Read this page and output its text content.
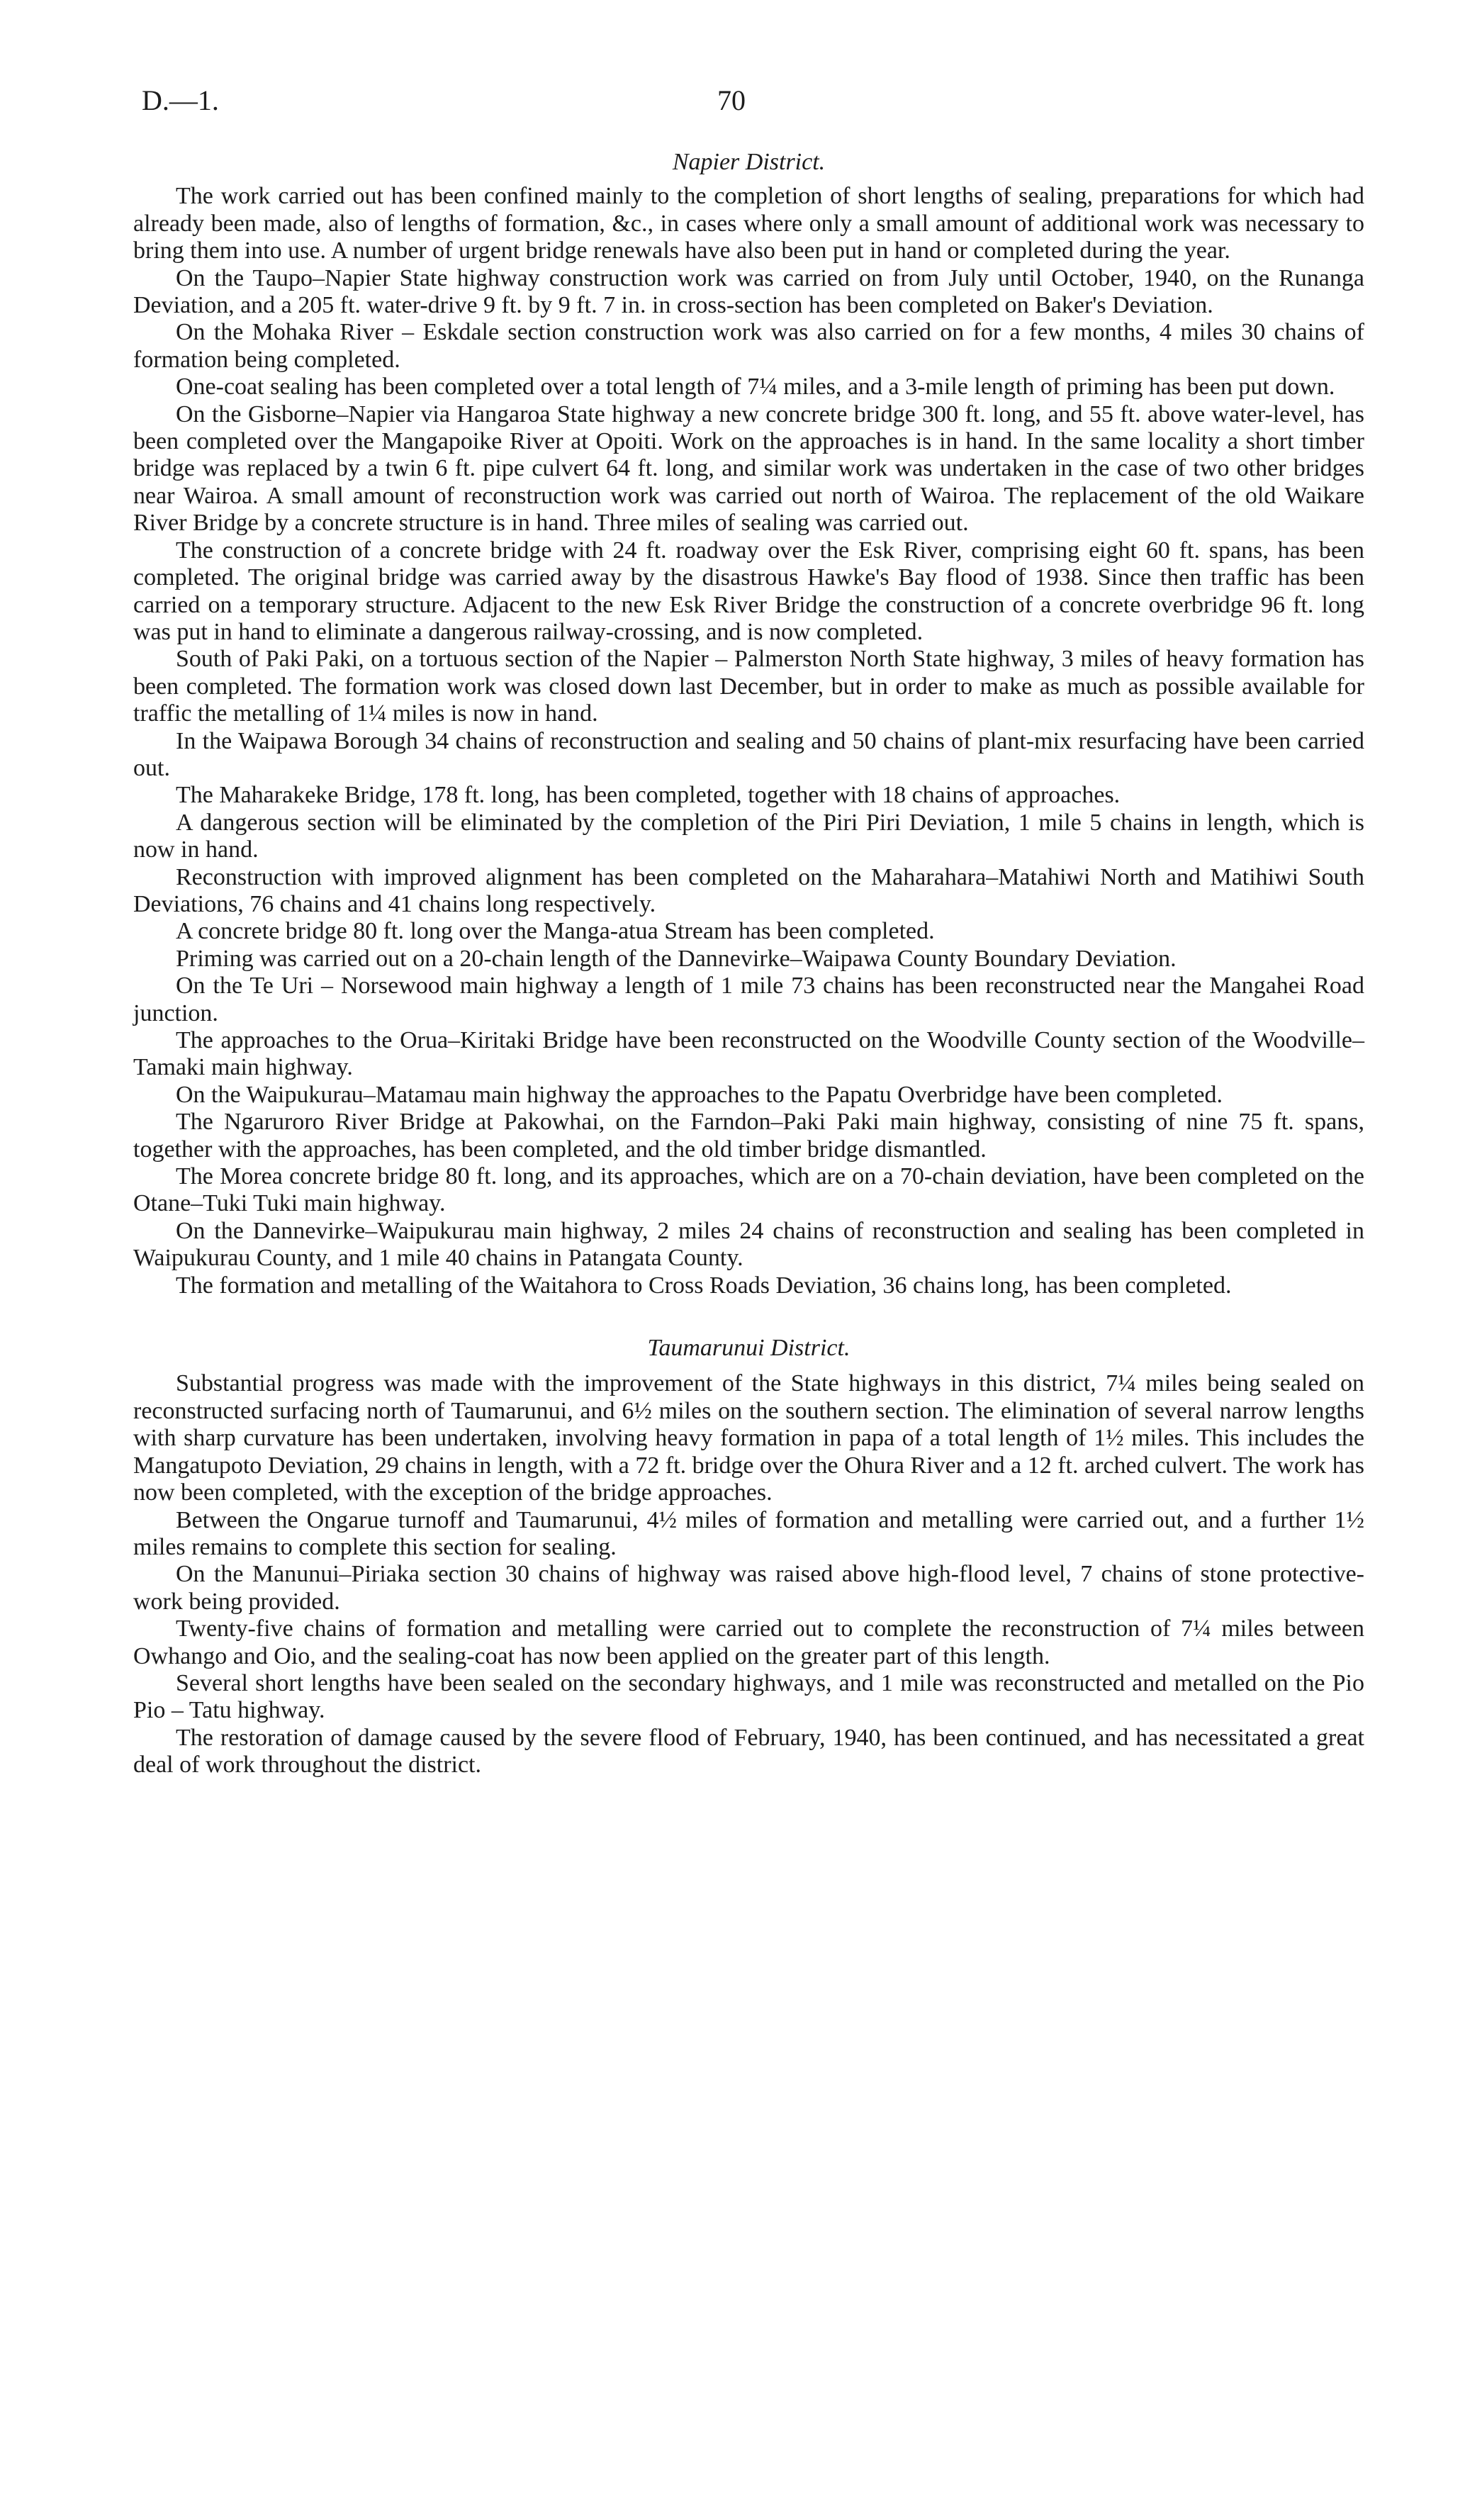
D.—1.	70
Napier District.

The work carried out has been confined mainly to the completion of short lengths of sealing, preparations for which had already been made, also of lengths of formation, &c., in cases where only a small amount of additional work was necessary to bring them into use. A number of urgent bridge renewals have also been put in hand or completed during the year.

On the Taupo–Napier State highway construction work was carried on from July until October, 1940, on the Runanga Deviation, and a 205 ft. water-drive 9 ft. by 9 ft. 7 in. in cross-section has been completed on Baker's Deviation.

On the Mohaka River – Eskdale section construction work was also carried on for a few months, 4 miles 30 chains of formation being completed.

One-coat sealing has been completed over a total length of 7¼ miles, and a 3-mile length of priming has been put down.

On the Gisborne–Napier via Hangaroa State highway a new concrete bridge 300 ft. long, and 55 ft. above water-level, has been completed over the Mangapoike River at Opoiti. Work on the approaches is in hand. In the same locality a short timber bridge was replaced by a twin 6 ft. pipe culvert 64 ft. long, and similar work was undertaken in the case of two other bridges near Wairoa. A small amount of reconstruction work was carried out north of Wairoa. The replacement of the old Waikare River Bridge by a concrete structure is in hand. Three miles of sealing was carried out.

The construction of a concrete bridge with 24 ft. roadway over the Esk River, comprising eight 60 ft. spans, has been completed. The original bridge was carried away by the disastrous Hawke's Bay flood of 1938. Since then traffic has been carried on a temporary structure. Adjacent to the new Esk River Bridge the construction of a concrete overbridge 96 ft. long was put in hand to eliminate a dangerous railway-crossing, and is now completed.

South of Paki Paki, on a tortuous section of the Napier – Palmerston North State highway, 3 miles of heavy formation has been completed. The formation work was closed down last December, but in order to make as much as possible available for traffic the metalling of 1¼ miles is now in hand.

In the Waipawa Borough 34 chains of reconstruction and sealing and 50 chains of plant-mix resurfacing have been carried out.

The Maharakeke Bridge, 178 ft. long, has been completed, together with 18 chains of approaches.

A dangerous section will be eliminated by the completion of the Piri Piri Deviation, 1 mile 5 chains in length, which is now in hand.

Reconstruction with improved alignment has been completed on the Maharahara–Matahiwi North and Matihiwi South Deviations, 76 chains and 41 chains long respectively.

A concrete bridge 80 ft. long over the Manga-atua Stream has been completed.

Priming was carried out on a 20-chain length of the Dannevirke–Waipawa County Boundary Deviation.

On the Te Uri – Norsewood main highway a length of 1 mile 73 chains has been reconstructed near the Mangahei Road junction.

The approaches to the Orua–Kiritaki Bridge have been reconstructed on the Woodville County section of the Woodville–Tamaki main highway.

On the Waipukurau–Matamau main highway the approaches to the Papatu Overbridge have been completed.

The Ngaruroro River Bridge at Pakowhai, on the Farndon–Paki Paki main highway, consisting of nine 75 ft. spans, together with the approaches, has been completed, and the old timber bridge dismantled.

The Morea concrete bridge 80 ft. long, and its approaches, which are on a 70-chain deviation, have been completed on the Otane–Tuki Tuki main highway.

On the Dannevirke–Waipukurau main highway, 2 miles 24 chains of reconstruction and sealing has been completed in Waipukurau County, and 1 mile 40 chains in Patangata County.

The formation and metalling of the Waitahora to Cross Roads Deviation, 36 chains long, has been completed.

Taumarunui District.

Substantial progress was made with the improvement of the State highways in this district, 7¼ miles being sealed on reconstructed surfacing north of Taumarunui, and 6½ miles on the southern section. The elimination of several narrow lengths with sharp curvature has been undertaken, involving heavy formation in papa of a total length of 1½ miles. This includes the Mangatupoto Deviation, 29 chains in length, with a 72 ft. bridge over the Ohura River and a 12 ft. arched culvert. The work has now been completed, with the exception of the bridge approaches.

Between the Ongarue turnoff and Taumarunui, 4½ miles of formation and metalling were carried out, and a further 1½ miles remains to complete this section for sealing.

On the Manunui–Piriaka section 30 chains of highway was raised above high-flood level, 7 chains of stone protective-work being provided.

Twenty-five chains of formation and metalling were carried out to complete the reconstruction of 7¼ miles between Owhango and Oio, and the sealing-coat has now been applied on the greater part of this length.

Several short lengths have been sealed on the secondary highways, and 1 mile was reconstructed and metalled on the Pio Pio – Tatu highway.

The restoration of damage caused by the severe flood of February, 1940, has been continued, and has necessitated a great deal of work throughout the district.
